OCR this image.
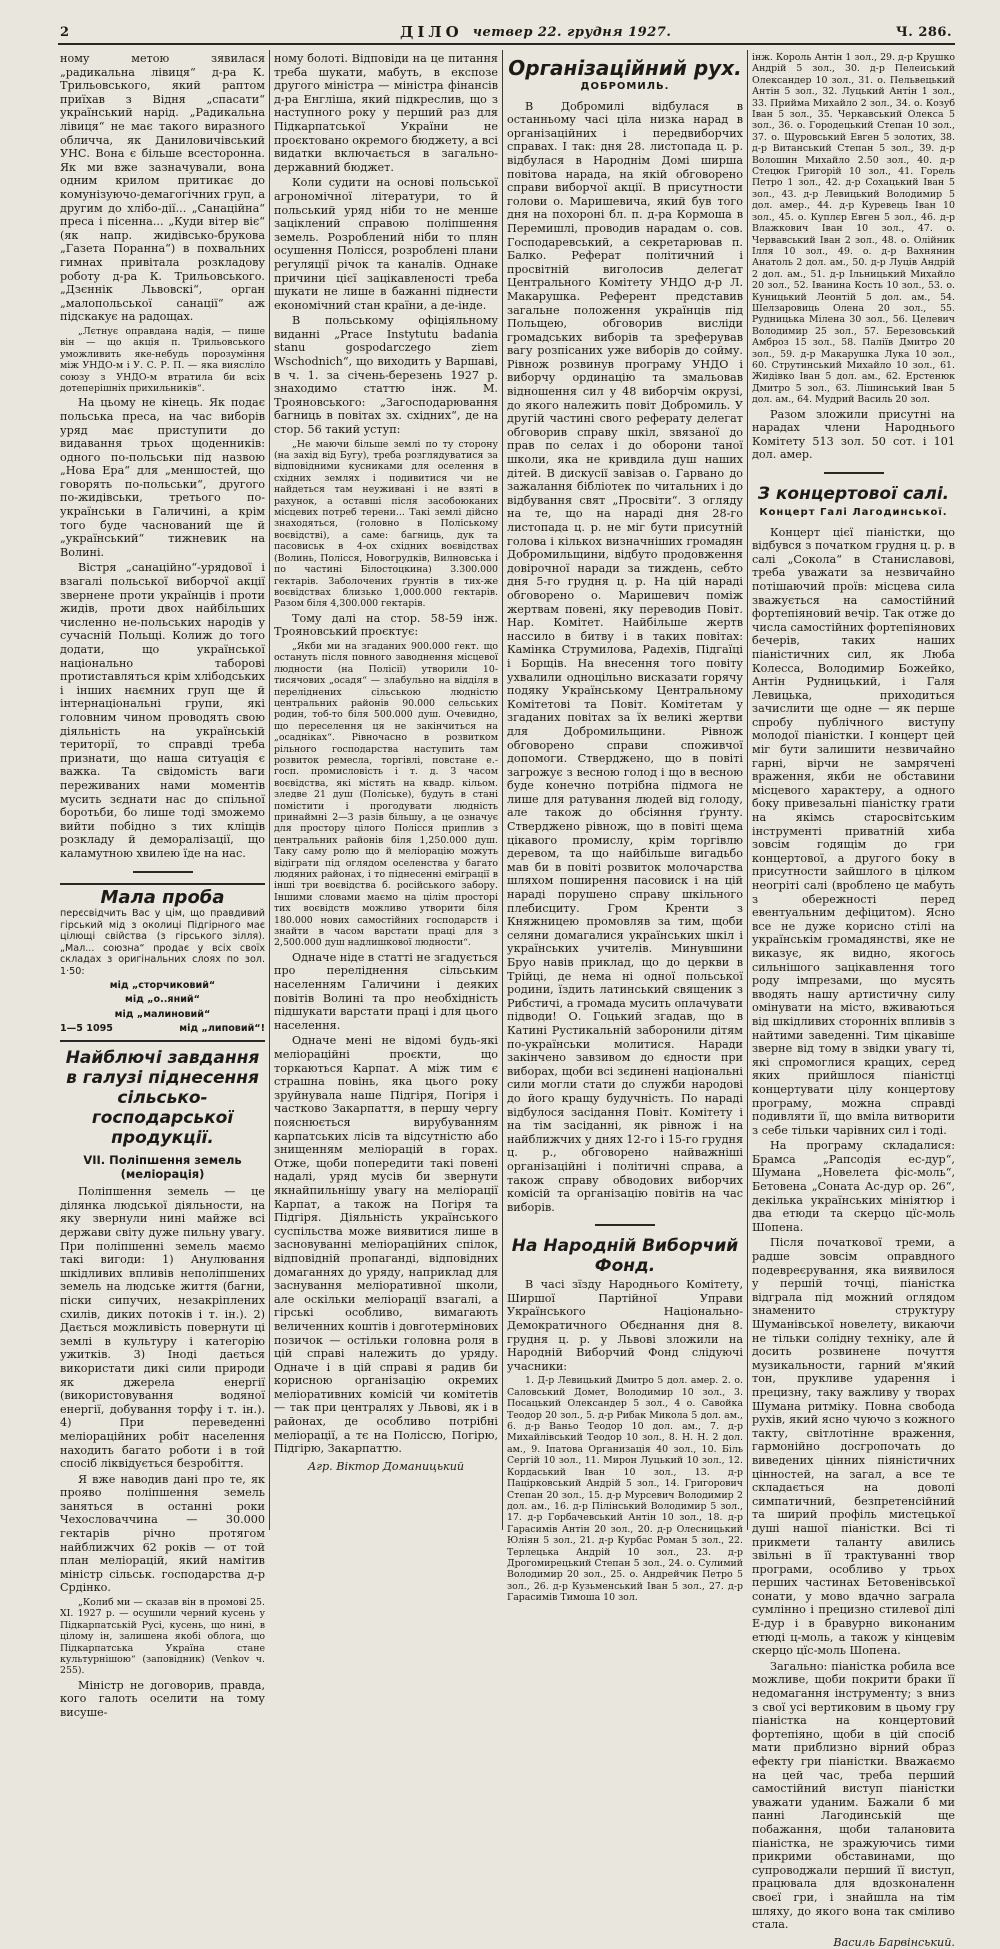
2	ДІЛО четвер 22. грудня 1927.	Ч. 286.

ному метою зявилася „радикальна лівиця“ д-ра К. Трильовського, який раптом приїхав з Відня „спасати“ український нарід. „Радикальна лівиця“ не має такого виразного обличча, як Даниловичівський УНС. Вона є більше всесторонна. Як ми вже зазначували, вона одним крилом притикає до комунізуючо-демагогічних груп, а другим до хлібо-дії... „Санаційна“ преса і пісенна... „Куди вітер віє“ (як напр. жидівсько-брукова „Газета Поранна“) в похвальних гимнах привітала розкладову роботу д-ра К. Трильовського. „Дзєннік Львовскі“, орган „малопольської санації“ аж підскакує на радощах.

„Лєтнує оправдана надія, — пише він — що акція п. Трильовського уможливить яке-небудь порозуміння між УНДО-м і У. С. Р. П. — яка виясліло союзу з УНДО-м втратила би всіх дотеперішніх прихильників“.

На цьому не кінець. Як подає польська преса, на час виборів уряд має приступити до видавання трьох щоденників: одного по-польськи під назвою „Нова Ера“ для „меншостей, що говорять по-польськи“, другого по-жидівськи, третього по-українськи в Галичині, а крім того буде часнований ще й „український“ тижневик на Волині.

Вістря „санаційно“-урядової і взагалі польської виборчої акції звернене проти українців і проти жидів, проти двох найбільших численно не-польських народів у сучасній Польщі. Колиж до того додати, що української національно таборові протиставляться крім хлібодських і інших наємних груп ще й інтернаціональні групи, які головним чином проводять свою діяльність на українській території, то справді треба признати, що наша ситуація є важка. Та свідомість ваги переживаних нами моментів мусить зєднати нас до спільної боротьби, бо лише тоді зможемо вийти побідно з тих кліщів розкладу й деморалізації, що каламутною хвилею їде на нас.

Мала проба
перєсвідчить Вас у цім, що правдивий гірський мід з околиці Підгірного має цілющі свійства (з гірського зілля). „Мал... союзна“ продає у всіх своїх складах з оригінальних слоях по зол. 1·50:
мід „сторчиковий“
мід „о..яний“
мід „малиновий“
1—5 1095	мід „липовий“!
Найблючі завдання в галузі піднесення сільсько-господарської продукції.
VII. Поліпшення земель (меліорація)

Поліпшення земель — це ділянка людської діяльности, на яку звернули нині майже всі держави світу дуже пильну увагу. При поліпшенні земель маємо такі вигоди: 1) Анулювання шкідливих впливів неполіпшених земель на людське життя (багни, піски сипучих, незакріплених схилів, диких потоків і т. ін.). 2) Дається можливість повернути ці землі в культуру і категорію ужитків. 3) Іноді дається використати дикі сили природи як джерела енергії (використовування водяної енергії, добування торфу і т. ін.). 4) При переведенні меліораційних робіт населення находить багато роботи і в той спосіб ліквідується безробіття.

Я вже наводив дані про те, як прояво поліпшення земель заняться в останні роки Чехословаччина — 30.000 гектарів річно протягом найближчих 62 років — от той план меліорацій, який намітив міністр сільськ. господарства д-р Срдінко.

„Колиб ми — сказав він в промові 25. XI. 1927 р. — осушили черний кусень у Підкарпатській Русі, кусень, що нині, в цілому ін, залишена якобі облога, що Підкарпатська Україна стане культурнішою“ (заповідник) (Venkov ч. 255).

Міністр не договорив, правда, кого галоть оселити на тому висуше-

ному болоті. Відповіди на це питання треба шукати, мабуть, в експозе другого міністра — міністра фінансів д-ра Енгліша, який підкреслив, що з наступного року у перший раз для Підкарпатської України не проєктовано окремого бюджету, а всі видатки включається в загально-державний бюджет.

Коли судити на основі польської агрономічної літератури, то й польський уряд ніби то не менше заціклений справою поліпшення земель. Розроблений ніби то плян осушення Полісся, розроблені плани регуляції річок та каналів. Однаке причини цієї зацікавленості треба шукати не лише в бажанні піднести економічний стан країни, а де-інде.

В польському офіціяльному виданні „Prace Instytutu badania stanu gospodarczego ziem Wschodnich“, що виходить у Варшаві, в ч. 1. за січень-березень 1927 р. знаходимо статтю інж. М. Трояновського: „Загосподарювання багниць в повітах зх. східних“, де на стор. 56 такий уступ:

„Не маючи більше землі по ту сторону (на захід від Бугу), треба розглядуватися за відповідними кусниками для оселення в східних землях і подивитися чи не найдеться там неуживані і не взяті в рахунок, а оставші після засобоюканих місцевих потреб терени... Такі землі дійсно знаходяться, (головно в Поліському воєвідстві), а саме: багниць, дук та пасовиськ в 4-ох східних воєвідствах (Волинь, Полісся, Новогрудків, Вилновська і по частині Білостоцкина) 3.300.000 гектарів. Заболочених ґрунтів в тих-же воєвідствах близько 1,000.000 гектарів. Разом біля 4,300.000 гектарів.

Тому далі на стор. 58-59 інж. Трояновський проєктує:

„Якби ми на згаданих 900.000 гект. що остануть після повного заводнення місцевої людности (на Полісії) утворили 10-тисячових „осадя“ — злабульно на відділя в переліднених сільською людністю центральних районів 90.000 сельських родин, тоб-то біля 500.000 душ. Очевидно, що переселення ця не закінчиться на „осадніках“. Рівночасно в розвитком рільного господарства наступить там розвиток ремесла, торгівлі, повстане е.-госп. промисловість і т. д. З часом воєвідства, які містять на квадр. кільом. зледве 21 душ (Поліське), будуть в стані помістити і прогодувати людність принаймні 2—3 разів більшу, а це означує для простору цілого Полісся приплив з центральних районів біля 1,250.000 душ. Таку саму ролю що й меліорацію можуть відіграти під оглядом оселенства у багато людяних районах, і то піднесенні еміграції в інші три воєвідства б. російського забору. Іншими словами маємо на цілім просторі тих воєвідств можливо утворити біля 180.000 нових самостійних господарств і знайти в часом варстати праці для з 2,500.000 душ надлишкової людности“.

Одначе ніде в статті не згадується про переліднення сільським населенням Галичини і деяких повітів Волині та про необхідність підшукати варстати праці і для цього населення.

Одначе мені не відомі будь-які меліораційні проєкти, що торкаються Карпат. А між тим є страшна повінь, яка цього року зруйнувала наше Підгіря, Погіря і частково Закарпаття, в першу чергу пояснюється вирубуванням карпатських лісів та відсутністю або знищенням меліорацій в горах. Отже, щоби попередити такі повені надалі, уряд мусів би звернути якнайпильнішу увагу на меліорації Карпат, а також на Погіря та Підгіря. Діяльність українського суспільства може виявитися лише в засновуванні меліораційних спілок, відповідній пропаганді, відповідних домаганнях до уряду, наприклад для заснування меліоративної школи, але оскільки меліорації взагалі, а гірські особливо, вимагають величенних коштів і довготермінових позичок — остільки головна роля в цій справі належить до уряду. Одначе і в цій справі я радив би корисною організацію окремих меліоративних комісій чи комітетів — так при централях у Львові, як і в районах, де особливо потрібні меліорації, а тє на Поліссю, Погірю, Підгірю, Закарпаттю.

Агр. Віктор Доманицький
Організаційний рух.
ДОБРОМИЛЬ.

В Добромилі відбулася в останньому часі ціла низка нарад в організаційних і передвиборчих справах. І так: дня 28. листопада ц. р. відбулася в Народнім Домі ширша повітова нарада, на якій обговорено справи виборчої акції. В присутности голови о. Маришевича, який був того дня на похороні бл. п. д-ра Кормоша в Перемишлі, проводив нарадам о. сов. Господаревський, а секретарював п. Балко. Реферат політичний і просвітній виголосив делегат Центрального Комітету УНДО д-р Л. Макарушка. Референт представив загальне положення українців під Польщею, обговорив висліди громадських виборів та зреферував вагу розпісаних уже виборів до сойму. Рівнож розвинув програму УНДО і виборчу ординацію та змальовав відношення сил у 48 виборчім окрузі, до якого належить повіт Добромиль. У другій частині свого реферату делегат обговорив справу шкіл, звязаної до прав по селах і до оборони таної школи, яка не кривдила душ наших дітей. В дискусії завізав о. Гарвано до зажалання бібліотек по читальних і до відбування свят „Просвіти“. З огляду на те, що на нараді дня 28-го листопада ц. р. не міг бути присутній голова і кількох визначніших громадян Добромильщини, відбуто продовження довірочної наради за тиждень, себто дня 5-го грудня ц. р. На цій нараді обговорено о. Маришевич поміж жертвам повені, яку переводив Повіт. Нар. Комітет. Найбільше жертв нассило в битву і в таких повітах: Камінка Струмилова, Радехів, Підгаїці і Борщів. На внесення того повіту ухвалили одноцільно висказати горячу подяку Українському Центральному Комітетові та Повіт. Комітетам у згаданих повітах за їх великі жертви для Добромильщини. Рівнож обговорено справи споживчої допомоги. Стверджено, що в повіті загрожує з весною голод і що в весною буде конечно потрібна підмога не лише для ратування людей від голоду, але також до обсіяння ґрунту. Стверджено рівнож, що в повіті щема цікавого промислу, крім торгівлю деревом, та що найбільше вигадьбо мав би в повіті розвиток молочарства шляхом поширення пасовиск і на цій нараді порушено справу шкільного плебисциту. Гром Кренти з Княжницею промовляв за тим, щоби селяни домагалися українських шкіл і українських учителів. Минувшини Бруо навів приклад, що до церкви в Трійці, де нема ні одної польської родини, їздить латинський священик з Рибстичі, а громада мусить оплачувати підводи! О. Гоцький згадав, що в Катині Рустикальній заборонили дітям по-українськи молитися. Наради закінчено завзивом до єдности при виборах, щоби всі зєдинені національні сили могли стати до служби народові до його кращу будучність. По нараді відбулося засідання Повіт. Комітету і на тім засіданні, як рівнож і на найближчих у днях 12-го і 15-го грудня ц. р., обговорено найважніші організаційні і політичні справа, а також справу обводових виборчих комісій та організацію повітів на час виборів.

На Народній Виборчий Фонд.

В часі зїзду Народнього Комітету, Ширшої Партійної Управи Українського Національно-Демократичного Обєднання дня 8. грудня ц. р. у Львові зложили на Народній Виборчий Фонд слідуючі учасники:

1. Д-р Левицький Дмитро 5 дол. амер. 2. о. Саловський Домет, Володимир 10 зол., 3. Посацький Олександер 5 зол., 4 о. Савойка Теодор 20 зол., 5. д-р Рибак Микола 5 дол. ам., 6. д-р Ваньо Теодор 10 дол. ам., 7. д-р Михайлівський Теодор 10 зол., 8. Н. Н. 2 дол. ам., 9. Іпатова Организація 40 зол., 10. Біль Сергій 10 зол., 11. Мирон Луцький 10 зол., 12. Кордаський Іван 10 зол., 13. д-р Пацірковський Андрій 5 зол., 14. Григорович Степан 20 зол., 15. д-р Мурсевич Володимир 2 дол. ам., 16. д-р Пілінський Володимир 5 зол., 17. д-р Горбачевський Антін 10 зол., 18. д-р Гарасимів Антін 20 зол., 20. д-р Олесницький Юліян 5 зол., 21. д-р Курбас Роман 5 зол., 22. Терлецька Андрій 10 зол., 23. д-р Дрогомирецький Степан 5 зол., 24. о. Сулимий Володимир 20 зол., 25. о. Андрейчик Петро 5 зол., 26. д-р Кузьменський Іван 5 зол., 27. д-р Гарасимів Тимоша 10 зол.

інж. Король Антін 1 зол., 29. д-р Крушко Андрій 5 зол., 30. д-р Пелеиський Олександер 10 зол., 31. о. Пельвецький Антін 5 зол., 32. Луцький Антін 1 зол., 33. Прийма Михайло 2 зол., 34. о. Козуб Іван 5 зол., 35. Черкавський Олекса 5 зол., 36. о. Городецький Степан 10 зол., 37. о. Щуровський Евген 5 золотих, 38. д-р Витанський Степан 5 зол., 39. д-р Волошин Михайло 2.50 зол., 40. д-р Стецюк Григорій 10 зол., 41. Горель Петро 1 зол., 42. д-р Сохацький Іван 5 зол., 43. д-р Левицький Володимир 5 дол. амер., 44. д-р Куревець Іван 10 зол., 45. о. Куплєр Евген 5 зол., 46. д-р Влажкович Іван 10 зол., 47. о. Червавський Іван 2 зол., 48. о. Олійник Ілля 10 зол., 49. о. д-р Вахнянин Анатоль 2 дол. ам., 50. д-р Луців Андрій 2 дол. ам., 51. д-р Ільницький Михайло 20 зол., 52. Іванина Кость 10 зол., 53. о. Куницький Леонтій 5 дол. ам., 54. Шелзаровиць Олена 20 зол., 55. Рудницька Мілена 30 зол., 56. Целевич Володимир 25 зол., 57. Березовський Амброз 15 зол., 58. Паліїв Дмитро 20 зол., 59. д-р Макарушка Лука 10 зол., 60. Струтинський Михайло 10 зол., 61. Жидівко Іван 5 дол. ам., 62. Ерстенюк Дмитро 5 зол., 63. Лішинський Іван 5 дол. ам., 64. Мудрий Василь 20 зол.

Разом зложили присутні на нарадах члени Народнього Комітету 513 зол. 50 сот. і 101 дол. амер.

З концертової салі.
Концерт Галі Лагодинської.

Концерт цієї піаністки, що відбувся з початком грудня ц. р. в салі „Сокола“ в Станиславові, треба уважати за незвичайно потішаючий проїв: місцева сила зважується на самостійний фортепіяновий вечір. Так отже до числа самостійних фортепіянових бечерів, таких наших піаністичних сил, як Люба Колесса, Володимир Божейко, Антін Рудницький, і Галя Левицька, приходиться зачислити ще одне — як перше спробу публічного виступу молодої піаністки. І концерт цей міг бути залишити незвичайно гарні, вірчи не замрячені враження, якби не обставини місцевого характеру, а одного боку привезальні піаністку грати на якімсь старосвітським інструменті приватній хиба зовсім годящім до гри концертової, а другого боку в присутности зайшлого в цілком неогріті салі (вроблено це мабуть з обережності перед евентуальним дефіцитом). Ясно все не дуже корисно стілі на українськім громадянстві, яке не виказує, як видно, якогось сильнішого зацікавлення того роду імпрезами, що мусять вводять нашу артистичну силу омінувати на місто, вживаються від шкідливих сторонніх впливів з найтими заведенні. Тим цікавіше зверне від тому в звідки увагу ті, які спромоглися кращих, серед яких прийшлося піаністці концертувати цілу концертову програму, можна справді подивляти її, що вміла витворити з себе тільки чарівних сил і тоді.

На програму складалися: Брамса „Рапсодія ес-дур“, Шумана „Новелета фіс-моль“, Бетовена „Соната Ас-дур ор. 26“, декілька українських мініятюр і два етюди та скерцо цїс-моль Шопена.

Після початкової треми, а радше зовсім оправдного подевреєрування, яка виявилося у першій точці, піаністка відграла під можний оглядом знаменито структуру Шуманівської новелету, викаючи не тільки солідну техніку, але й досить розвинене почуття музикальности, гарний м'який тон, прукливе ударення і прецизну, таку важливу у творах Шумана ритміку. Повна свобода рухів, який ясно чуючо з кожного такту, світлотінне враження, гармонійно досгропочать до виведених цінних піяністичних цінностей, на загал, а все те складається на доволі симпатичний, безпретенсійний та ширий профіль мистецької душі нашої піаністки. Всі ті прикмети таланту авились звільні в її трактуванні твор програми, особливо у трьох перших частинах Бетовенівської сонати, у мово вдачно заграла сумлінно і прецизно стилевої ділі Е-дур і в бравурно виконаним етюді ц-моль, а також у кінцевім скерцо цїс-моль Шопена.

Загально: піаністка робила все можливе, щоби покрити браки її недомагання інструменту; з вниз з свої усі вертиковим в цьому гру піаністка на концертовий фортепіяно, щоби в цій спосіб мати приблизно вірний образ ефекту гри піаністки. Вважаємо на цей час, треба перший самостійний виступ піаністки уважати уданим. Бажали б ми панні Лагодинській ще побажання, щоби талановита піаністка, не зражуючись тими прикрими обставинами, що супроводжали перший її виступ, працювала для вдозконаленн своєї гри, і знайшла на тім шляху, до якого вона так сміливо стала.

Василь Барвінський.
